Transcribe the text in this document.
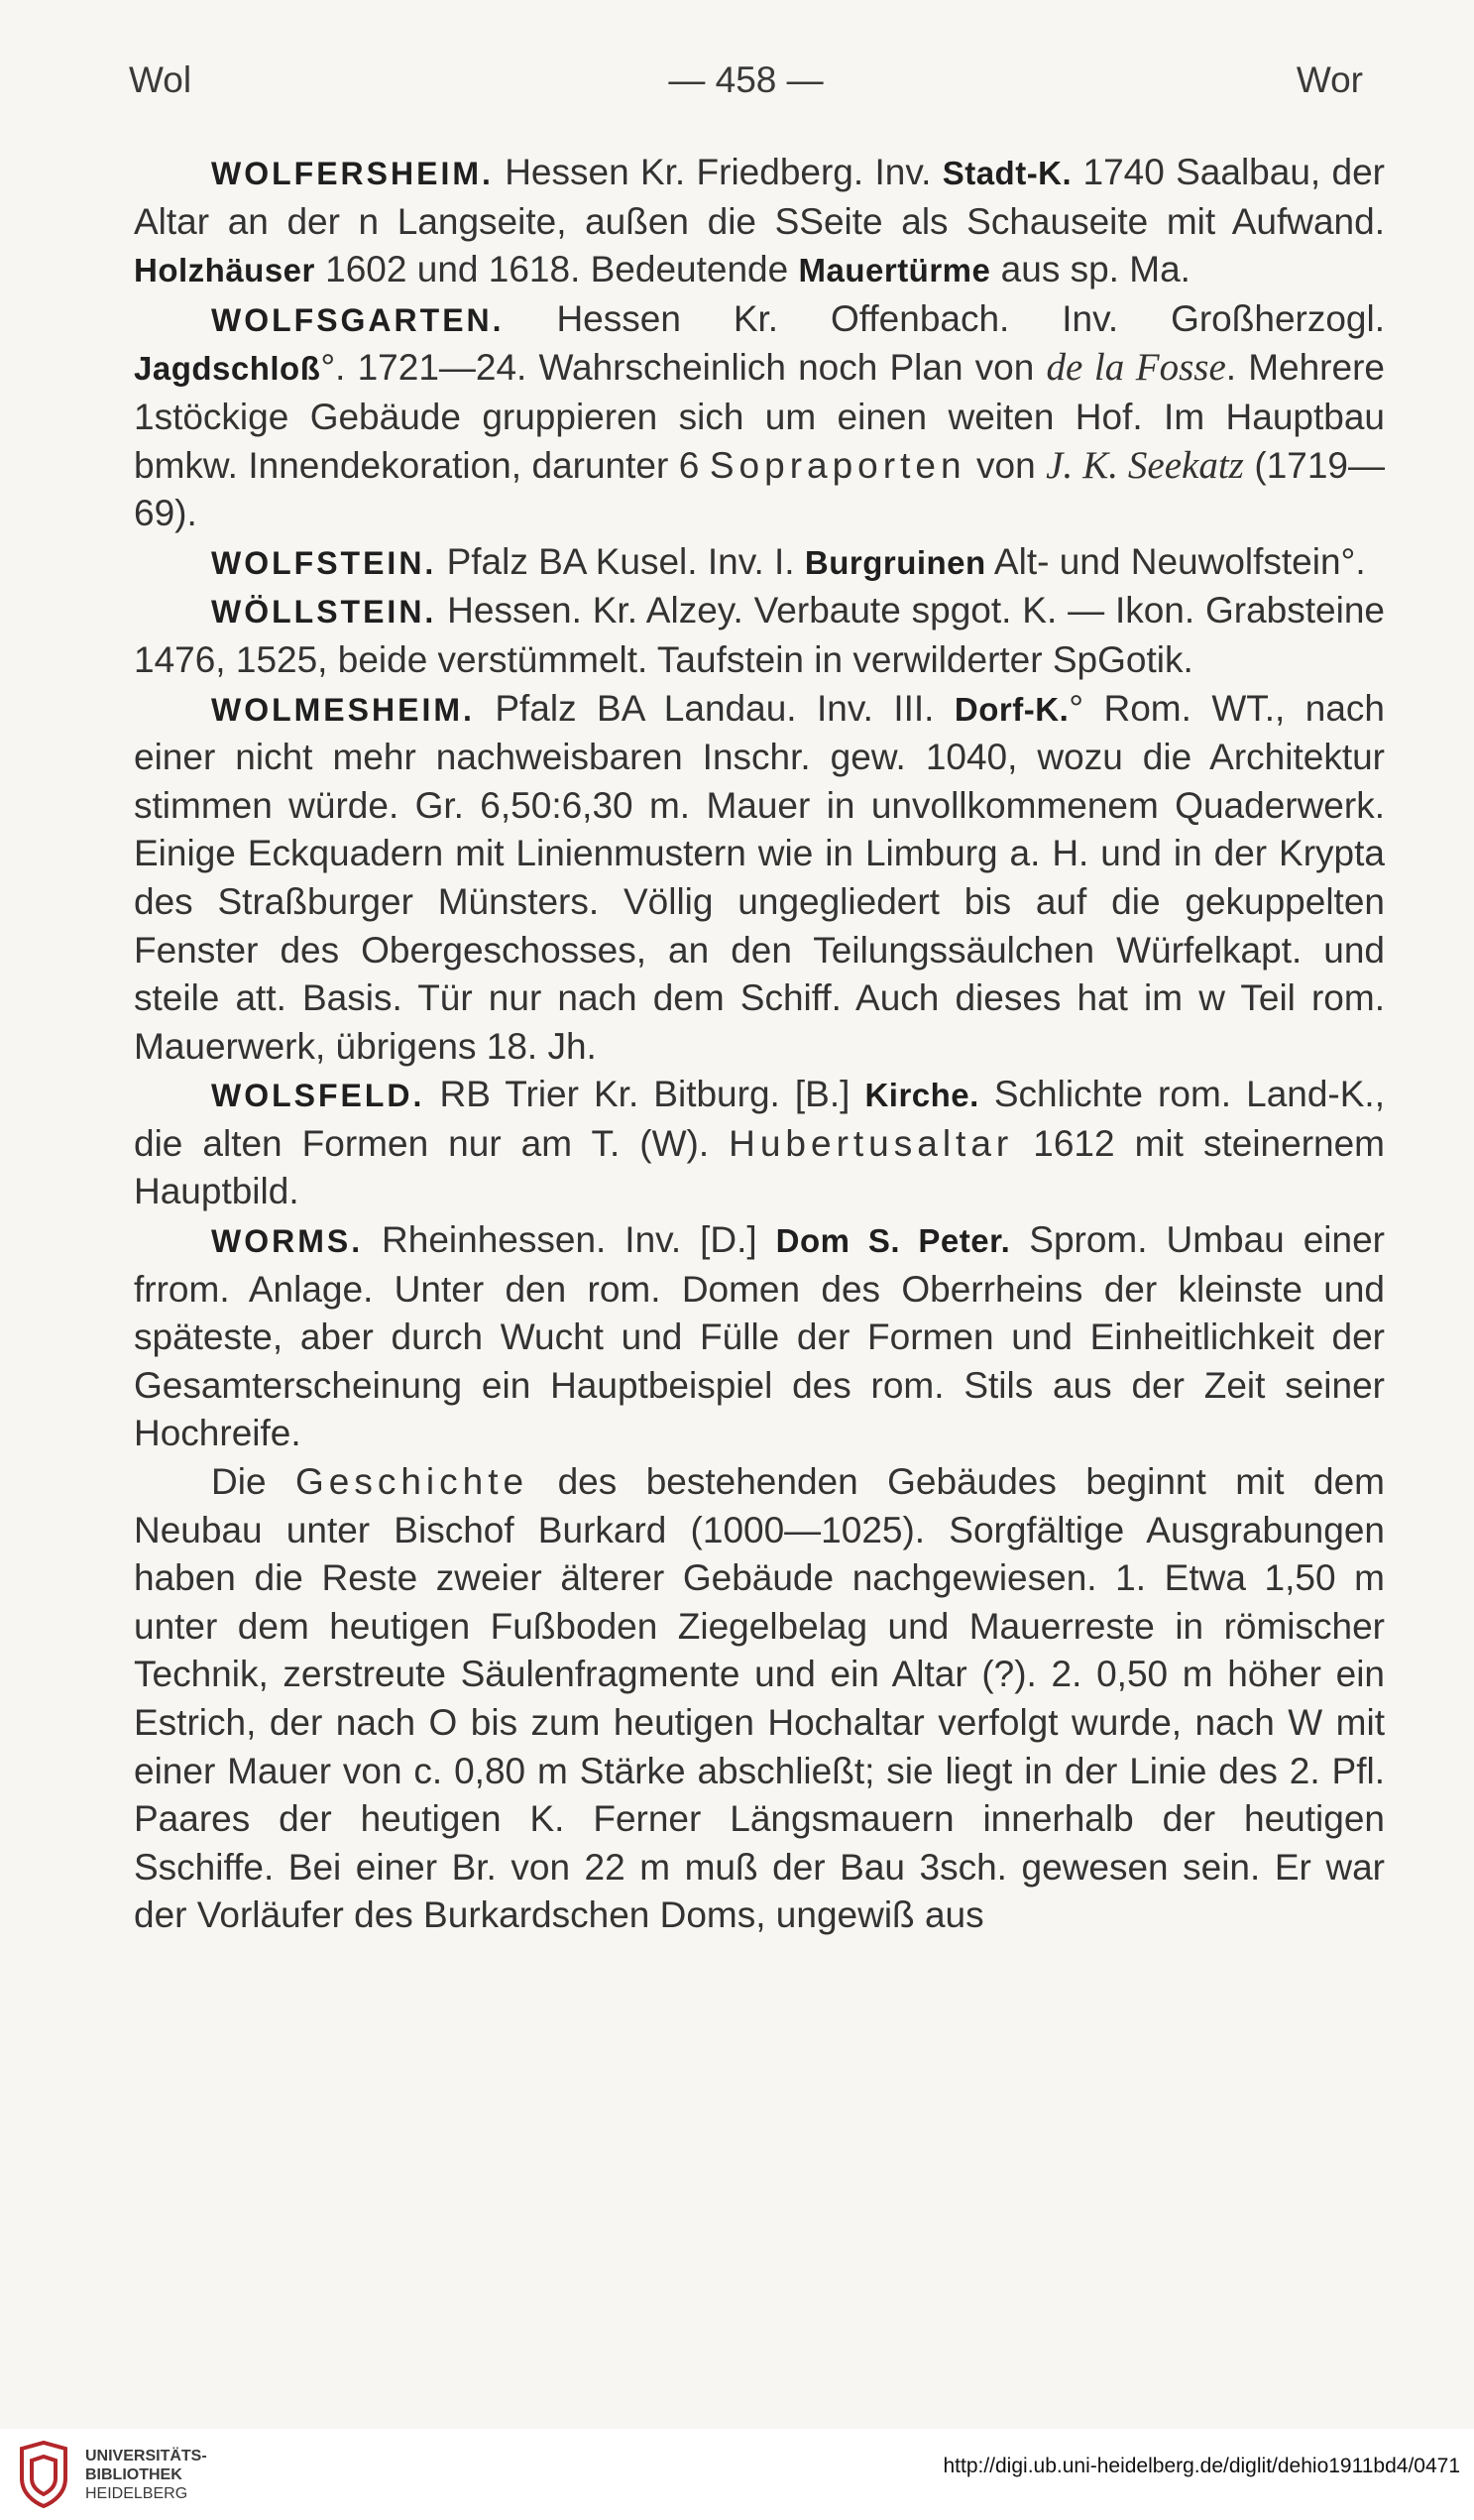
Wol	— 458 —	Wor

WOLFERSHEIM. Hessen Kr. Friedberg. Inv. Stadt-K. 1740 Saalbau, der Altar an der n Langseite, außen die SSeite als Schauseite mit Aufwand. Holzhäuser 1602 und 1618. Bedeutende Mauertürme aus sp. Ma.

WOLFSGARTEN. Hessen Kr. Offenbach. Inv. Großherzogl. Jagdschloß°. 1721—24. Wahrscheinlich noch Plan von de la Fosse. Mehrere 1stöckige Gebäude gruppieren sich um einen weiten Hof. Im Hauptbau bmkw. Innendekoration, darunter 6 Sopraporten von J. K. Seekatz (1719—69).

WOLFSTEIN. Pfalz BA Kusel. Inv. I. Burgruinen Alt- und Neuwolfstein°.

WÖLLSTEIN. Hessen. Kr. Alzey. Verbaute spgot. K. — Ikon. Grabsteine 1476, 1525, beide verstümmelt. Taufstein in verwilderter SpGotik.

WOLMESHEIM. Pfalz BA Landau. Inv. III. Dorf-K.° Rom. WT., nach einer nicht mehr nachweisbaren Inschr. gew. 1040, wozu die Architektur stimmen würde. Gr. 6,50:6,30 m. Mauer in unvollkommenem Quaderwerk. Einige Eckquadern mit Linienmustern wie in Limburg a. H. und in der Krypta des Straßburger Münsters. Völlig ungegliedert bis auf die gekuppelten Fenster des Obergeschosses, an den Teilungssäulchen Würfelkapt. und steile att. Basis. Tür nur nach dem Schiff. Auch dieses hat im w Teil rom. Mauerwerk, übrigens 18. Jh.

WOLSFELD. RB Trier Kr. Bitburg. [B.] Kirche. Schlichte rom. Land-K., die alten Formen nur am T. (W). Hubertusaltar 1612 mit steinernem Hauptbild.

WORMS. Rheinhessen. Inv. [D.] Dom S. Peter. Sprom. Umbau einer frrom. Anlage. Unter den rom. Domen des Oberrheins der kleinste und späteste, aber durch Wucht und Fülle der Formen und Einheitlichkeit der Gesamterscheinung ein Hauptbeispiel des rom. Stils aus der Zeit seiner Hochreife.

Die Geschichte des bestehenden Gebäudes beginnt mit dem Neubau unter Bischof Burkard (1000—1025). Sorgfältige Ausgrabungen haben die Reste zweier älterer Gebäude nachgewiesen. 1. Etwa 1,50 m unter dem heutigen Fußboden Ziegelbelag und Mauerreste in römischer Technik, zerstreute Säulenfragmente und ein Altar (?). 2. 0,50 m höher ein Estrich, der nach O bis zum heutigen Hochaltar verfolgt wurde, nach W mit einer Mauer von c. 0,80 m Stärke abschließt; sie liegt in der Linie des 2. Pfl. Paares der heutigen K. Ferner Längsmauern innerhalb der heutigen Sschiffe. Bei einer Br. von 22 m muß der Bau 3sch. gewesen sein. Er war der Vorläufer des Burkardschen Doms, ungewiß aus

UNIVERSITÄTS-
BIBLIOTHEK
HEIDELBERG
http://digi.ub.uni-heidelberg.de/diglit/dehio1911bd4/0471
